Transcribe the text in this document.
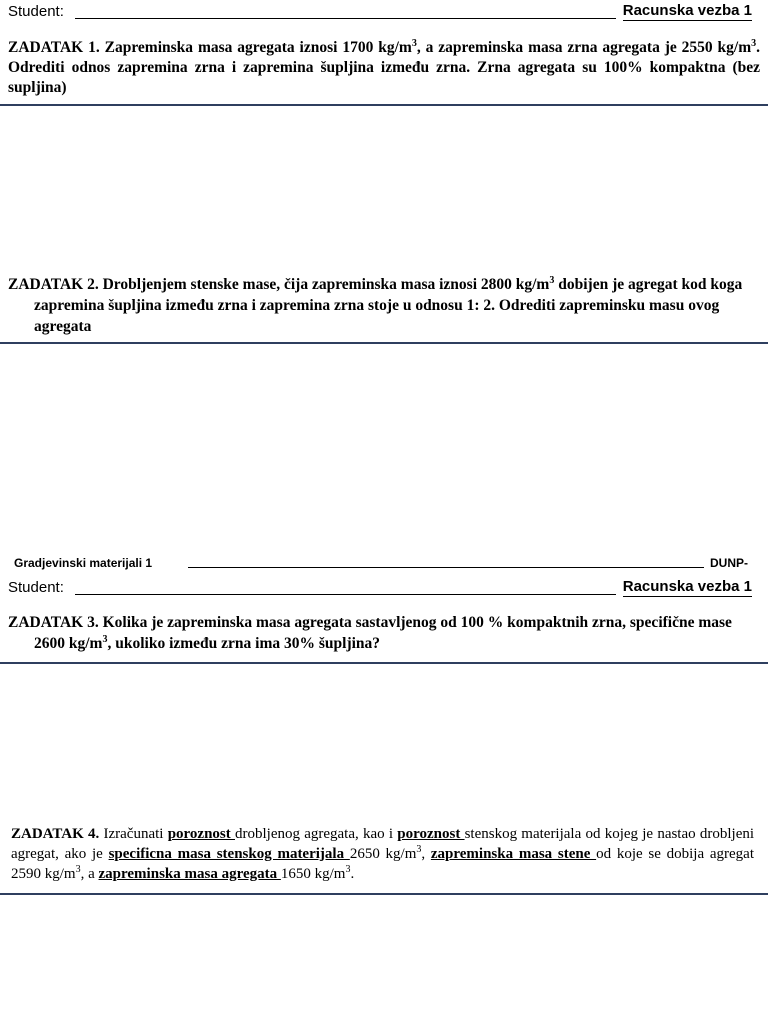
Student:	Racunska vezba 1

ZADATAK 1. Zapreminska masa agregata iznosi 1700 $kg/m^3$, a zapreminska masa zrna agregata je 2550 $kg/m^3$. Odrediti odnos zapremina zrna i zapremina šupljina između zrna. Zrna agregata su 100% kompaktna (bez supljina)

ZADATAK 2. Drobljenjem stenske mase, čija zapreminska masa iznosi 2800 $kg/m^3$ dobijen je agregat kod koga zapremina šupljina između zrna i zapremina zrna stoje u odnosu 1: 2. Odrediti zapreminsku masu ovog agregata

Gradjevinski materijali 1	DUNP-
Student:	Racunska vezba 1

ZADATAK 3. Kolika je zapreminska masa agregata sastavljenog od 100 % kompaktnih zrna, specifične mase 2600 $kg/m^3$, ukoliko između zrna ima 30% šupljina?

ZADATAK 4. Izračunati poroznost drobljenog agregata, kao i poroznost stenskog materijala od kojeg je nastao drobljeni agregat, ako je specificna masa stenskog materijala 2650 $kg/m^3$, zapreminska masa stene od koje se dobija agregat 2590 $kg/m^3$, a zapreminska masa agregata 1650 $kg/m^3$.
